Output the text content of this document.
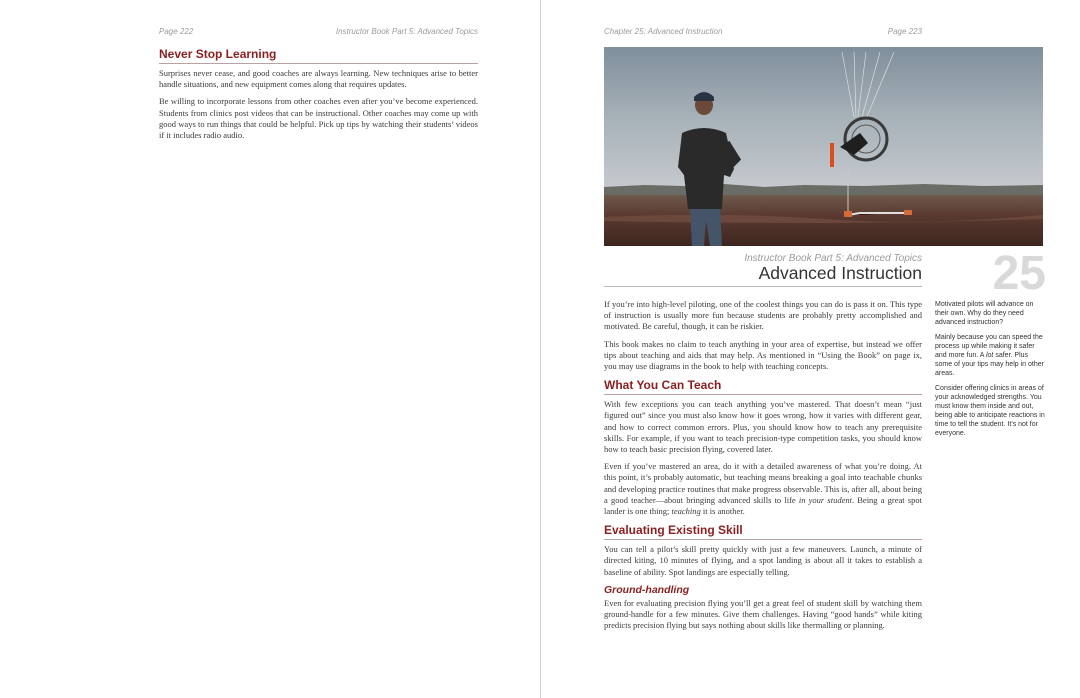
Page 222	Instructor Book Part 5: Advanced Topics
Never Stop Learning

Surprises never cease, and good coaches are always learning. New techniques arise to better handle situations, and new equipment comes along that requires updates.

Be willing to incorporate lessons from other coaches even after you’ve become experienced. Students from clinics post videos that can be instructional. Other coaches may come up with good ways to run things that could be helpful. Pick up tips by watching their students’ videos if it includes radio audio.

Chapter 25: Advanced Instruction	Page 223
Instructor Book Part 5: Advanced Topics
Advanced Instruction	25

If you’re into high-level piloting, one of the coolest things you can do is pass it on. This type of instruction is usually more fun because students are probably pretty accomplished and motivated. Be careful, though, it can be riskier.

This book makes no claim to teach anything in your area of expertise, but instead we offer tips about teaching and aids that may help. As mentioned in “Using the Book” on page ix, you may use diagrams in the book to help with teaching concepts.

What You Can Teach

With few exceptions you can teach anything you’ve mastered. That doesn’t mean “just figured out” since you must also know how it goes wrong, how it varies with different gear, and how to correct common errors. Plus, you should know how to teach any prerequisite skills. For example, if you want to teach precision-type competition tasks, you should know how to teach basic precision flying, covered later.

Even if you’ve mastered an area, do it with a detailed awareness of what you’re doing. At this point, it’s probably automatic, but teaching means breaking a goal into teachable chunks and developing practice routines that make progress observable. This is, after all, about being a good teacher—about bringing advanced skills to life in your student. Being a great spot lander is one thing; teaching it is another.

Evaluating Existing Skill

You can tell a pilot’s skill pretty quickly with just a few maneuvers. Launch, a minute of directed kiting, 10 minutes of flying, and a spot landing is about all it takes to establish a baseline of ability. Spot landings are especially telling.

Ground-handling

Even for evaluating precision flying you’ll get a great feel of student skill by watching them ground-handle for a few minutes. Give them challenges. Having “good hands” while kiting predicts precision flying but says nothing about skills like thermalling or planning.

Motivated pilots will advance on their own. Why do they need advanced instruction?

Mainly because you can speed the process up while making it safer and more fun. A lot safer. Plus some of your tips may help in other areas.

Consider offering clinics in areas of your acknowledged strengths. You must know them inside and out, being able to anticipate reactions in time to tell the student. It’s not for everyone.
